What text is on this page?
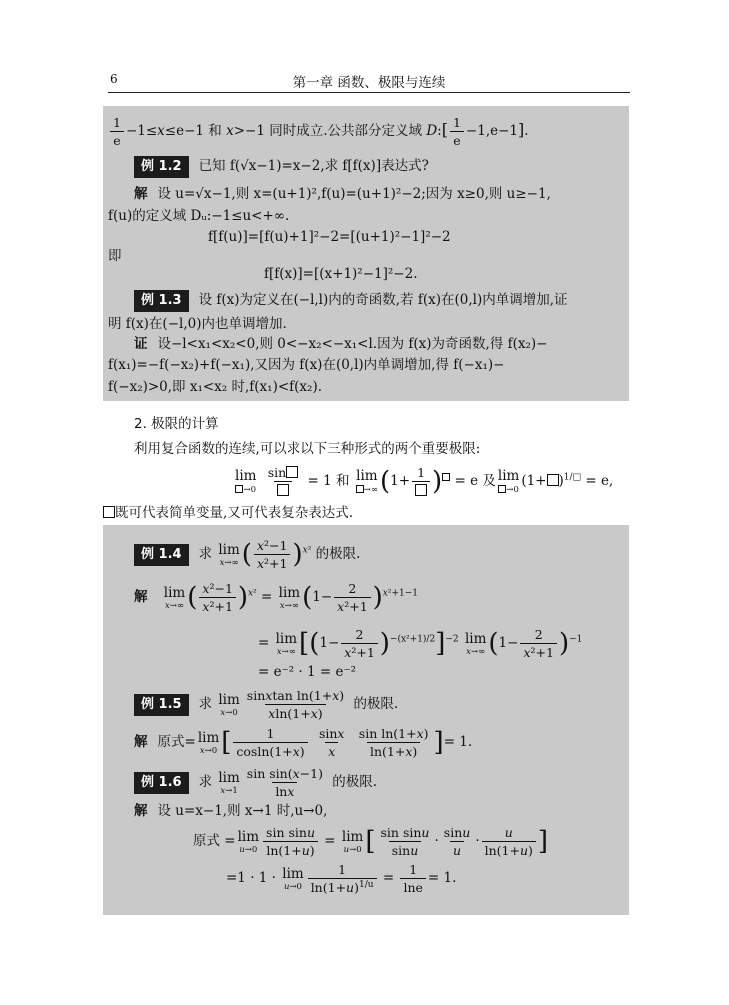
6	第一章 函数、极限与连续
$\frac{1}{e} -1\le x\le e-1$ 和 x>−1 同时成立.公共部分定义域 D:[ $\frac{1}{e} -1,e-1$].
例 1.2 已知 f(√x−1)=x−2,求 f[f(x)]表达式?
解 设 u=√x−1,则 x=(u+1)²,f(u)=(u+1)²−2;因为 x≥0,则 u≥−1,
f(u)的定义域 Dᵤ:−1≤u<+∞.
f[f(u)]=[f(u)+1]²−2=[(u+1)²−1]²−2
即
f[f(x)]=[(x+1)²−1]²−2.
例 1.3 设 f(x)为定义在(−l,l)内的奇函数,若 f(x)在(0,l)内单调增加,证
明 f(x)在(−l,0)内也单调增加.
证 设−l<x₁<x₂<0,则 0<−x₂<−x₁<l.因为 f(x)为奇函数,得 f(x₂)−
f(x₁)=−f(−x₂)+f(−x₁),又因为 f(x)在(0,l)内单调增加,得 f(−x₁)−
f(−x₂)>0,即 x₁<x₂ 时,f(x₁)<f(x₂).
2. 极限的计算
利用复合函数的连续,可以求以下三种形式的两个重要极限:
lim
→0

sin
= 1 和 lim
→∞ (1+
1 ) = e 及 lim
→0
$(1+ )^{1/□} = e$,
既可代表简单变量,又可代表复杂表达式.
例 1.4 求 lim
x→∞ ( $\frac{\text{x²−1}}{\text{x²+1}} )^{x^2}$ 的极限.
解 lim
x→∞ ( $\frac{\text{x²−1}}{\text{x²+1}} )^{x^2} = \lim$
x→∞ $(1- \frac{2}{\text{x²+1}} )^{x^2+1-1}$
= lim
x→∞ $[(1- \frac{2}{\text{x²+1}} )^{-(x^2+1)/2}]^{-2}$ lim
x→∞ $(1- \frac{2}{\text{x²+1}} )^{-1}$
= e⁻² · 1 = e⁻²
例 1.5 求 lim
$x\to 0 \frac{\text{sinxtan ln(1+x)}}{xln(1+x)}$ 的极限.
解 原式= lim
x→0 [ $\frac{1}{\text{cosln(1+x)}}$
$\frac{\sin x}{x}$
$\frac{\text{sin ln(1+x)}}{\ln(1+x)}$ ]= 1.
例 1.6 求 lim
$x\to 1 \frac{\text{sin sin(x−1)}}{\ln x}$ 的极限.
解 设 u=x−1,则 x→1 时,u→0,
原式 = lim
$u\to 0 \frac{\text{sin sinu}}{\ln(1+u)} = \lim$
u→0 [ $\frac{\text{sin sinu}}{\sin u} \cdot \frac{\sin u}{u} \cdot \frac{u}{\ln(1+u)}$ ]
=1 · 1 · lim
$u\to 0 \frac{1}{\ln(1+u)^{1/u}} = \frac{1}{\ln e} = 1$.
